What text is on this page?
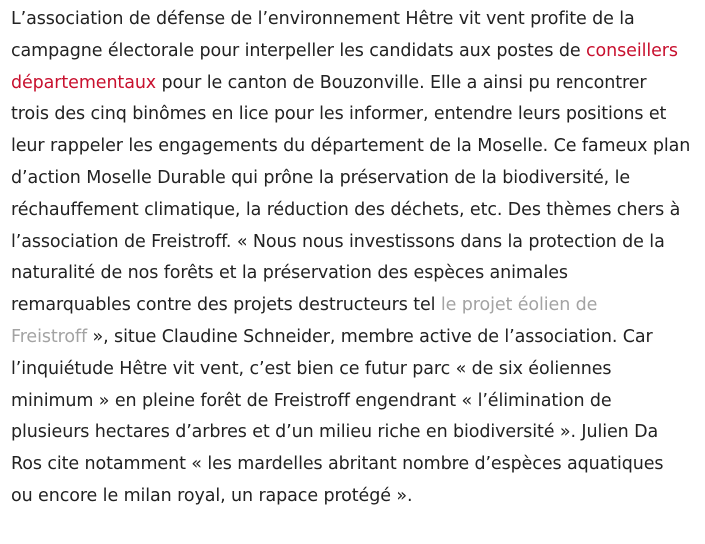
L’association de défense de l’environnement Hêtre vit vent profite de la
campagne électorale pour interpeller les candidats aux postes de conseillers
départementaux pour le canton de Bouzonville. Elle a ainsi pu rencontrer
trois des cinq binômes en lice pour les informer, entendre leurs positions et
leur rappeler les engagements du département de la Moselle. Ce fameux plan
d’action Moselle Durable qui prône la préservation de la biodiversité, le
réchauffement climatique, la réduction des déchets, etc. Des thèmes chers à
l’association de Freistroff. « Nous nous investissons dans la protection de la
naturalité de nos forêts et la préservation des espèces animales
remarquables contre des projets destructeurs tel le projet éolien de
Freistroff », situe Claudine Schneider, membre active de l’association. Car
l’inquiétude Hêtre vit vent, c’est bien ce futur parc « de six éoliennes
minimum » en pleine forêt de Freistroff engendrant « l’élimination de
plusieurs hectares d’arbres et d’un milieu riche en biodiversité ». Julien Da
Ros cite notamment « les mardelles abritant nombre d’espèces aquatiques
ou encore le milan royal, un rapace protégé ».
